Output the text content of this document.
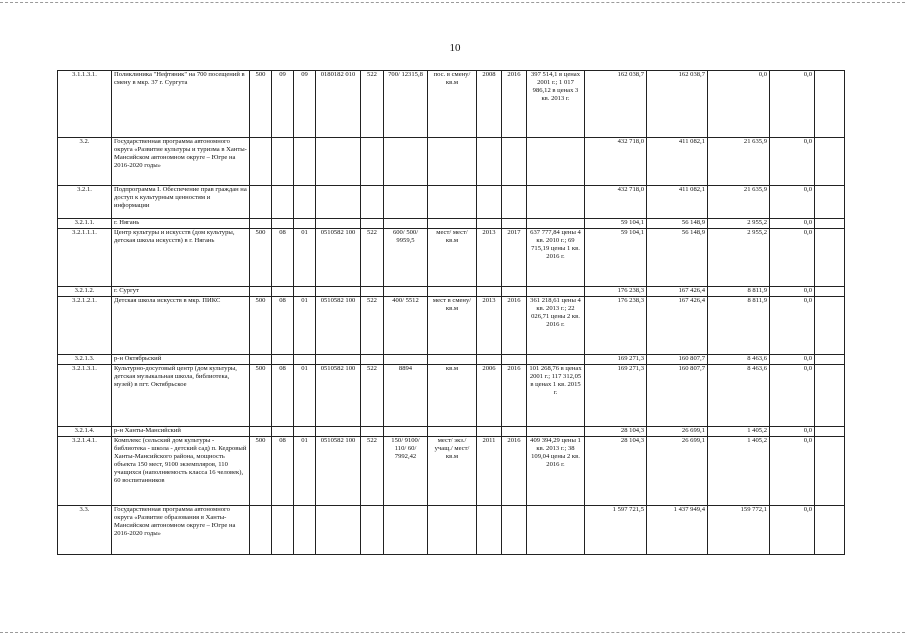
10
3.1.1.3.1.	Поликлиника "Нефтяник" на 700 посещений в смену в мкр. 37 г. Сургута	500	09	09	0180182 010	522	700/ 12315,8	пос. в смену/ кв.м	2008	2016	397 514,1 в ценах 2001 г.; 1 017 986,12 в ценах 3 кв. 2013 г.	162 038,7	162 038,7	0,0	0,0	
3.2.	Государственная программа автономного округа «Развитие культуры и туризма в Ханты-Мансийском автономном округе – Югре на 2016-2020 годы»											432 718,0	411 082,1	21 635,9	0,0	
3.2.1.	Подпрограмма I. Обеспечение прав граждан на доступ к культурным ценностям и информации											432 718,0	411 082,1	21 635,9	0,0	
3.2.1.1.	г. Нягань											59 104,1	56 148,9	2 955,2	0,0	
3.2.1.1.1.	Центр культуры и искусств (дом культуры, детская школа искусств) в г. Нягань	500	08	01	0510582 100	522	600/ 500/ 9959,5	мест/ мест/ кв.м	2013	2017	637 777,84 цены 4 кв. 2010 г.; 69 715,19 цены 1 кв. 2016 г.	59 104,1	56 148,9	2 955,2	0,0	
3.2.1.2.	г. Сургут											176 238,3	167 426,4	8 811,9	0,0	
3.2.1.2.1.	Детская школа искусств в мкр. ПИКС	500	08	01	0510582 100	522	400/ 5512	мест в смену/ кв.м	2013	2016	361 218,61 цены 4 кв. 2013 г.; 22 026,71 цены 2 кв. 2016 г.	176 238,3	167 426,4	8 811,9	0,0	
3.2.1.3.	р-н Октябрьский											169 271,3	160 807,7	8 463,6	0,0	
3.2.1.3.1.	Культурно-досуговый центр (дом культуры, детская музыкальная школа, библиотека, музей) в пгт. Октябрьское	500	08	01	0510582 100	522	8894	кв.м	2006	2016	101 268,76 в ценах 2001 г.; 117 312,05 в ценах 1 кв. 2015 г.	169 271,3	160 807,7	8 463,6	0,0	
3.2.1.4.	р-н Ханты-Мансийский											28 104,3	26 699,1	1 405,2	0,0	
3.2.1.4.1.	Комплекс (сельский дом культуры - библиотека - школа - детский сад) п. Кедровый Ханты-Мансийского района, мощность объекта 150 мест, 9100 экземпляров, 110 учащихся (наполняемость класса 16 человек), 60 воспитанников	500	08	01	0510582 100	522	150/ 9100/ 110/ 60/ 7992,42	мест/ экз./ учащ./ мест/ кв.м	2011	2016	409 394,29 цены 1 кв. 2013 г.; 38 109,04 цены 2 кв. 2016 г.	28 104,3	26 699,1	1 405,2	0,0	
3.3.	Государственная программа автономного округа «Развитие образования в Ханты-Мансийском автономном округе – Югре на 2016-2020 годы»											1 597 721,5	1 437 949,4	159 772,1	0,0	
